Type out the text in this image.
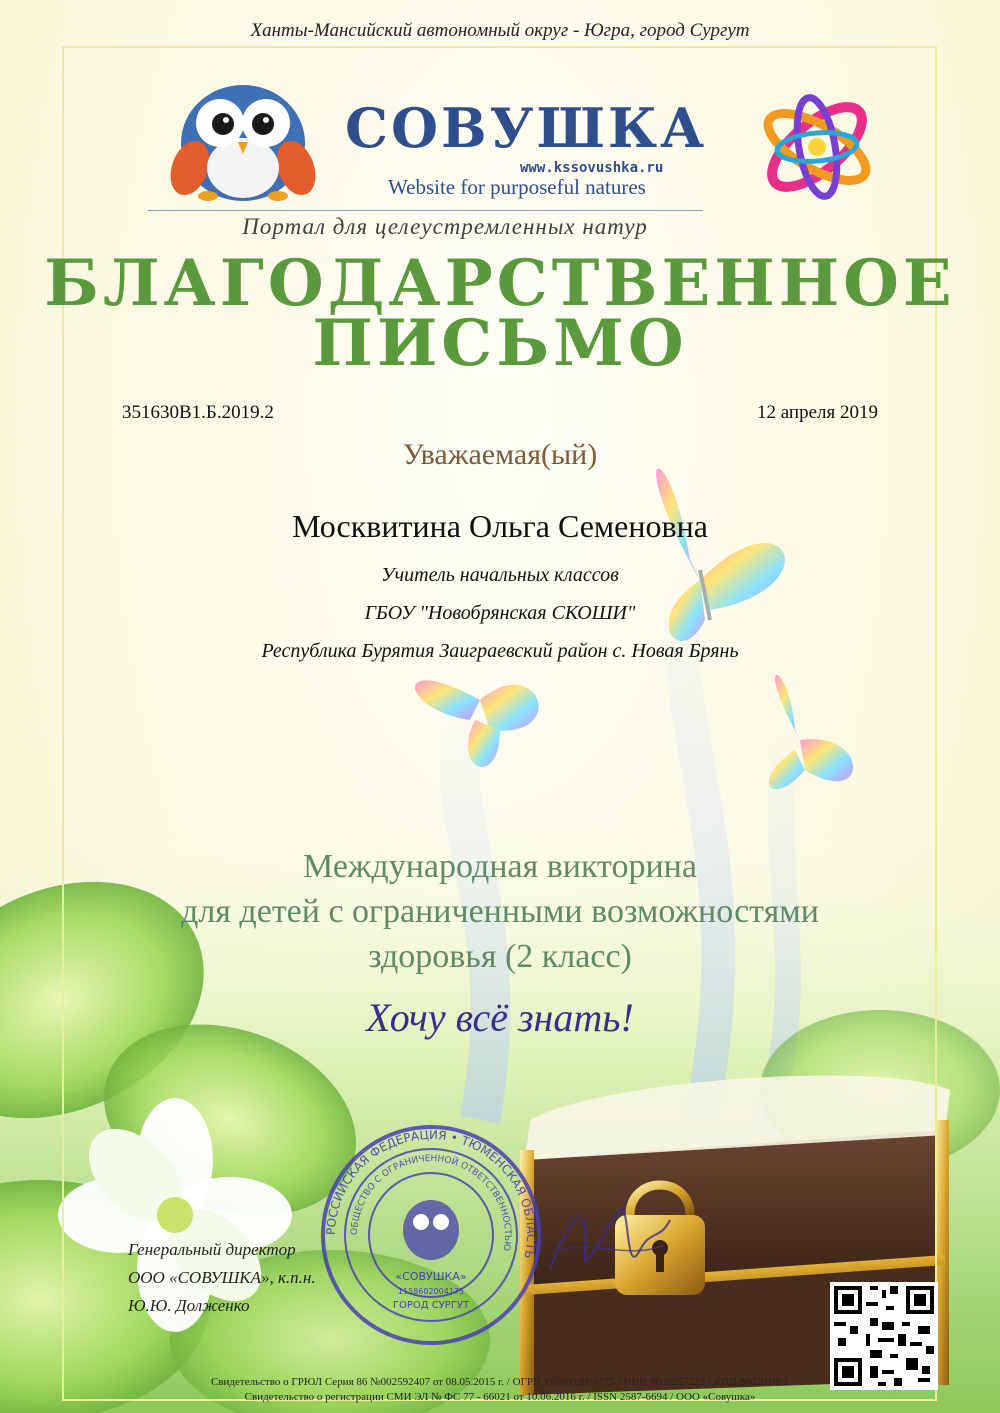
Ханты-Мансийский автономный округ - Югра, город Сургут
СОВУШКА
www.kssovushka.ru
Website for purposeful natures
Портал для целеустремленных натур
БЛАГОДАРСТВЕННОЕ
ПИСЬМО
351630В1.Б.2019.2	12 апреля 2019
Уважаемая(ый)
Москвитина Ольга Семеновна
Учитель начальных классов
ГБОУ "Новобрянская СКОШИ"
Республика Бурятия Заиграевский район с. Новая Брянь
Международная викторина
для детей с ограниченными возможностями
здоровья (2 класс)
Хочу всё знать!
РОССИЙСКАЯ ФЕДЕРАЦИЯ • ТЮМЕНСКАЯ ОБЛАСТЬ
ОБЩЕСТВО С ОГРАНИЧЕННОЙ ОТВЕТСТВЕННОСТЬЮ
«СОВУШКА»
ГОРОД СУРГУТ
1158602004175
Генеральный директор
ООО «СОВУШКА», к.п.н.
Ю.Ю. Долженко
Свидетельство о ГРЮЛ Серия 86 №002592407 от 08.05.2015 г. / ОГРН 1158602004175 / ИНН 8602257223 / КПП 860201001
Свидетельство о регистрации СМИ ЭЛ № ФС 77 - 66021 от 10.06.2016 г. / ISSN 2587-6694 / ООО «Совушка»
